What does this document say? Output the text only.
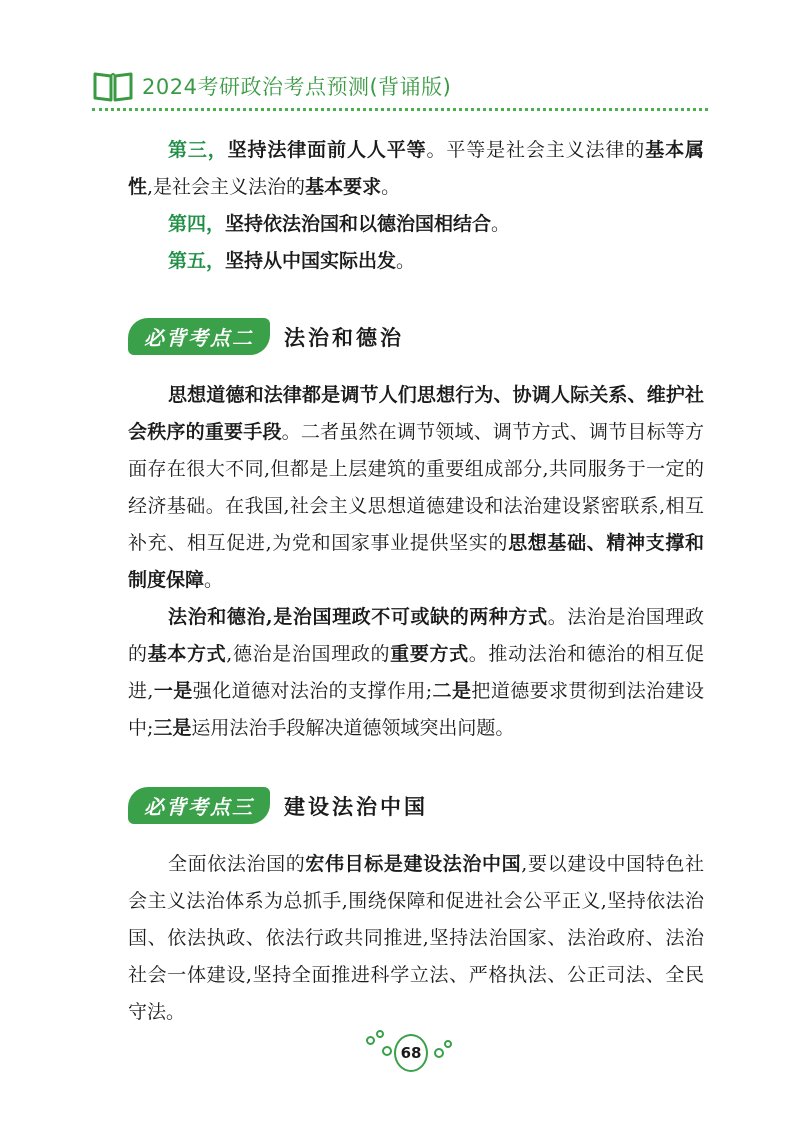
2024考研政治考点预测(背诵版)

第三，坚持法律面前人人平等。平等是社会主义法律的基本属性,是社会主义法治的基本要求。

第四，坚持依法治国和以德治国相结合。

第五，坚持从中国实际出发。

必背考点二	法治和德治

思想道德和法律都是调节人们思想行为、协调人际关系、维护社会秩序的重要手段。二者虽然在调节领域、调节方式、调节目标等方面存在很大不同,但都是上层建筑的重要组成部分,共同服务于一定的经济基础。在我国,社会主义思想道德建设和法治建设紧密联系,相互补充、相互促进,为党和国家事业提供坚实的思想基础、精神支撑和制度保障。

法治和德治,是治国理政不可或缺的两种方式。法治是治国理政的基本方式,德治是治国理政的重要方式。推动法治和德治的相互促进,一是强化道德对法治的支撑作用;二是把道德要求贯彻到法治建设中;三是运用法治手段解决道德领域突出问题。

必背考点三	建设法治中国

全面依法治国的宏伟目标是建设法治中国,要以建设中国特色社会主义法治体系为总抓手,围绕保障和促进社会公平正义,坚持依法治国、依法执政、依法行政共同推进,坚持法治国家、法治政府、法治社会一体建设,坚持全面推进科学立法、严格执法、公正司法、全民守法。

68
